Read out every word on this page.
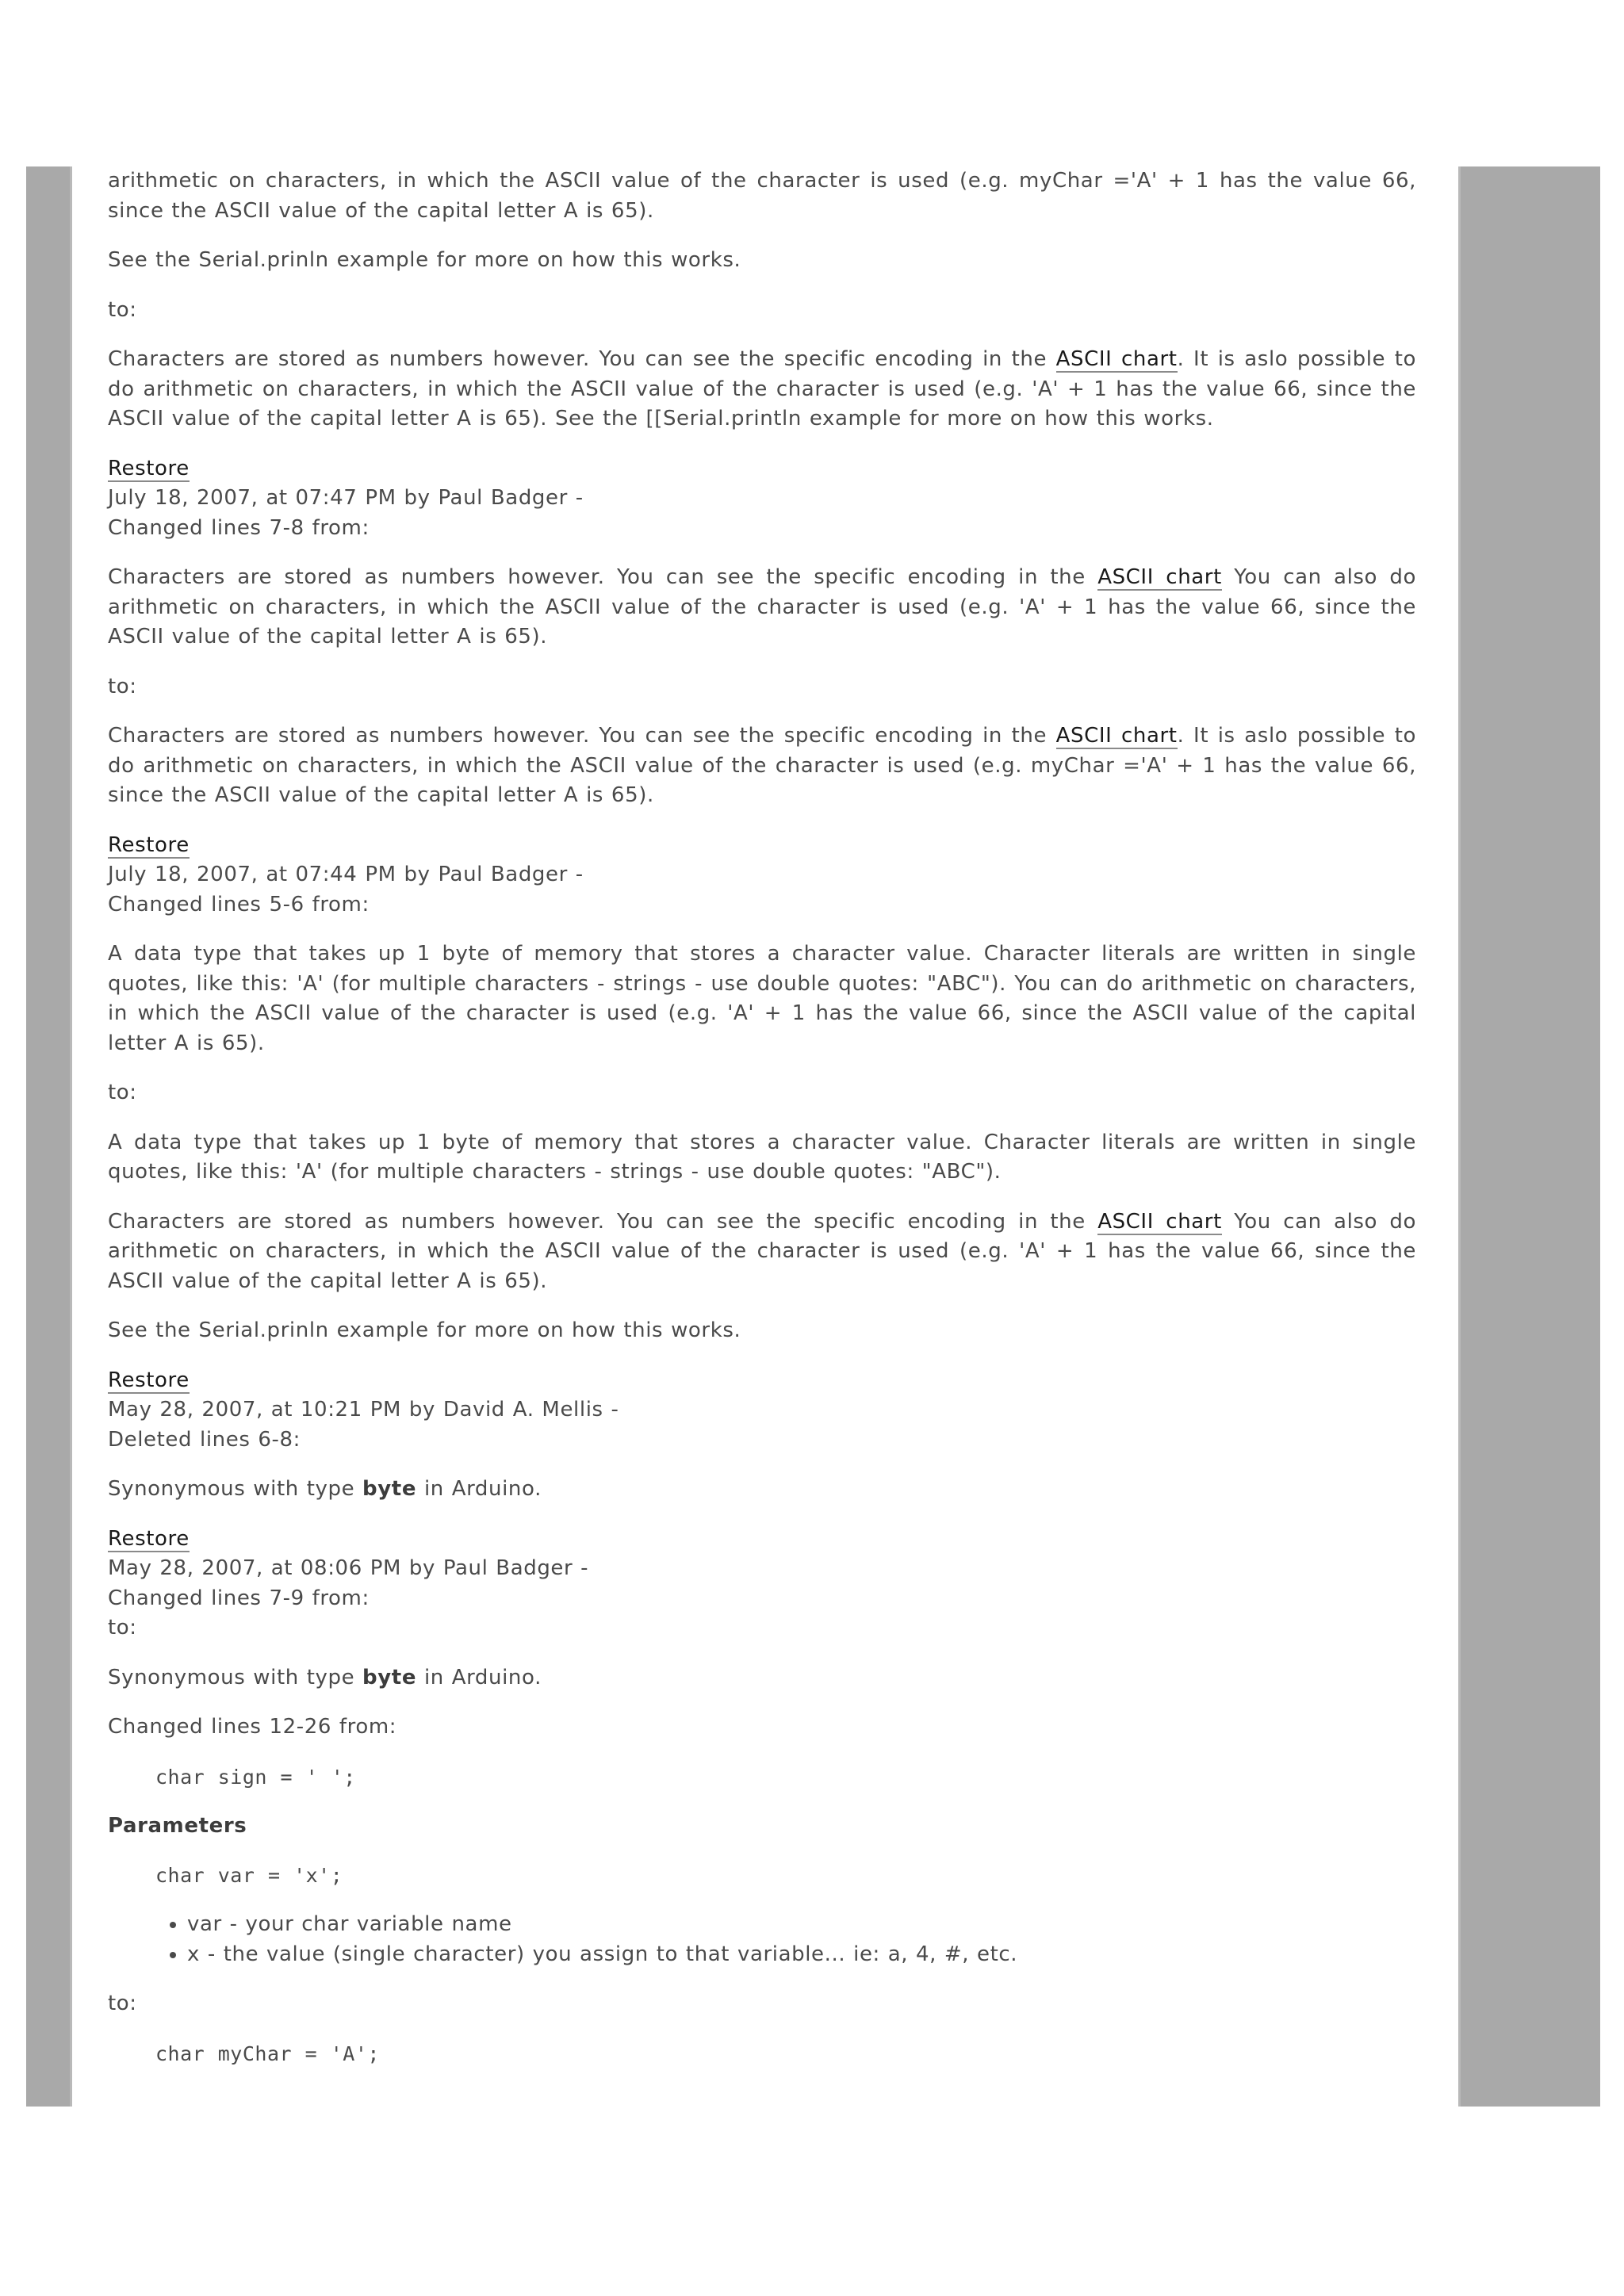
arithmetic on characters, in which the ASCII value of the character is used (e.g. myChar ='A' + 1 has the value 66, since the ASCII value of the capital letter A is 65).

See the Serial.prinln example for more on how this works.

to:

Characters are stored as numbers however. You can see the specific encoding in the ASCII chart. It is aslo possible to do arithmetic on characters, in which the ASCII value of the character is used (e.g. 'A' + 1 has the value 66, since the ASCII value of the capital letter A is 65). See the [[Serial.println example for more on how this works.

Restore
July 18, 2007, at 07:47 PM by Paul Badger -
Changed lines 7-8 from:

Characters are stored as numbers however. You can see the specific encoding in the ASCII chart You can also do arithmetic on characters, in which the ASCII value of the character is used (e.g. 'A' + 1 has the value 66, since the ASCII value of the capital letter A is 65).

to:

Characters are stored as numbers however. You can see the specific encoding in the ASCII chart. It is aslo possible to do arithmetic on characters, in which the ASCII value of the character is used (e.g. myChar ='A' + 1 has the value 66, since the ASCII value of the capital letter A is 65).

Restore
July 18, 2007, at 07:44 PM by Paul Badger -
Changed lines 5-6 from:

A data type that takes up 1 byte of memory that stores a character value. Character literals are written in single quotes, like this: 'A' (for multiple characters - strings - use double quotes: "ABC"). You can do arithmetic on characters, in which the ASCII value of the character is used (e.g. 'A' + 1 has the value 66, since the ASCII value of the capital letter A is 65).

to:

A data type that takes up 1 byte of memory that stores a character value. Character literals are written in single quotes, like this: 'A' (for multiple characters - strings - use double quotes: "ABC").

Characters are stored as numbers however. You can see the specific encoding in the ASCII chart You can also do arithmetic on characters, in which the ASCII value of the character is used (e.g. 'A' + 1 has the value 66, since the ASCII value of the capital letter A is 65).

See the Serial.prinln example for more on how this works.

Restore
May 28, 2007, at 10:21 PM by David A. Mellis -
Deleted lines 6-8:

Synonymous with type byte in Arduino.

Restore
May 28, 2007, at 08:06 PM by Paul Badger -
Changed lines 7-9 from:
to:

Synonymous with type byte in Arduino.

Changed lines 12-26 from:

char sign = ' ';
Parameters
char var = 'x';
• var - your char variable name
• x - the value (single character) you assign to that variable... ie: a, 4, #, etc.

to:

char myChar = 'A';
